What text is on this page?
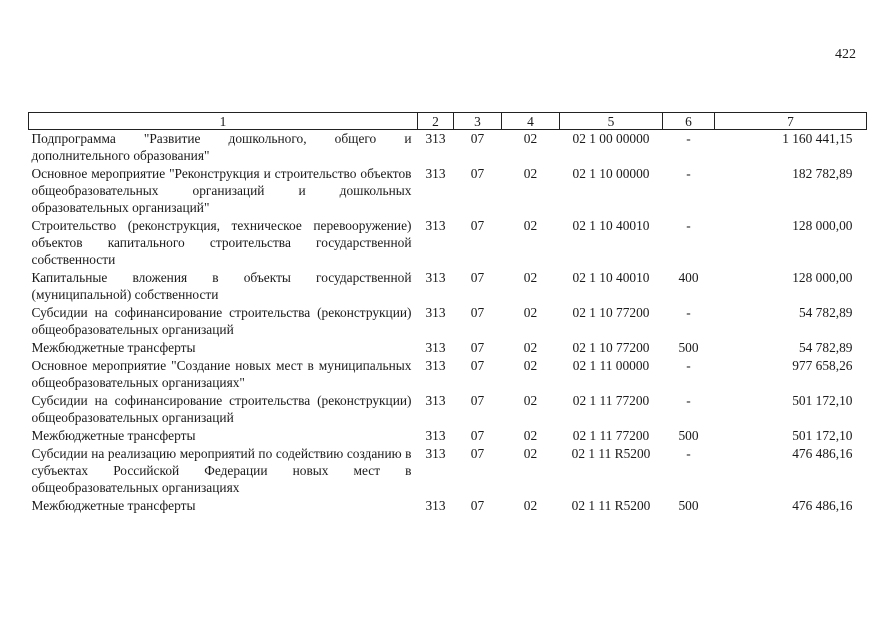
422
1	2	3	4	5	6	7
Подпрограмма "Развитие дошкольного, общего и дополнительного образования"	313	07	02	02 1 00 00000	-	1 160 441,15
Основное мероприятие "Реконструкция и строительство объектов общеобразовательных организаций и дошкольных образовательных организаций"	313	07	02	02 1 10 00000	-	182 782,89
Строительство (реконструкция, техническое перевооружение) объектов капитального строительства государственной собственности	313	07	02	02 1 10 40010	-	128 000,00
Капитальные вложения в объекты государственной (муниципальной) собственности	313	07	02	02 1 10 40010	400	128 000,00
Субсидии на софинансирование строительства (реконструкции) общеобразовательных организаций	313	07	02	02 1 10 77200	-	54 782,89
Межбюджетные трансферты	313	07	02	02 1 10 77200	500	54 782,89
Основное мероприятие "Создание новых мест в муниципальных общеобразовательных организациях"	313	07	02	02 1 11 00000	-	977 658,26
Субсидии на софинансирование строительства (реконструкции) общеобразовательных организаций	313	07	02	02 1 11 77200	-	501 172,10
Межбюджетные трансферты	313	07	02	02 1 11 77200	500	501 172,10
Субсидии на реализацию мероприятий по содействию созданию в субъектах Российской Федерации новых мест в общеобразовательных организациях	313	07	02	02 1 11 R5200	-	476 486,16
Межбюджетные трансферты	313	07	02	02 1 11 R5200	500	476 486,16
